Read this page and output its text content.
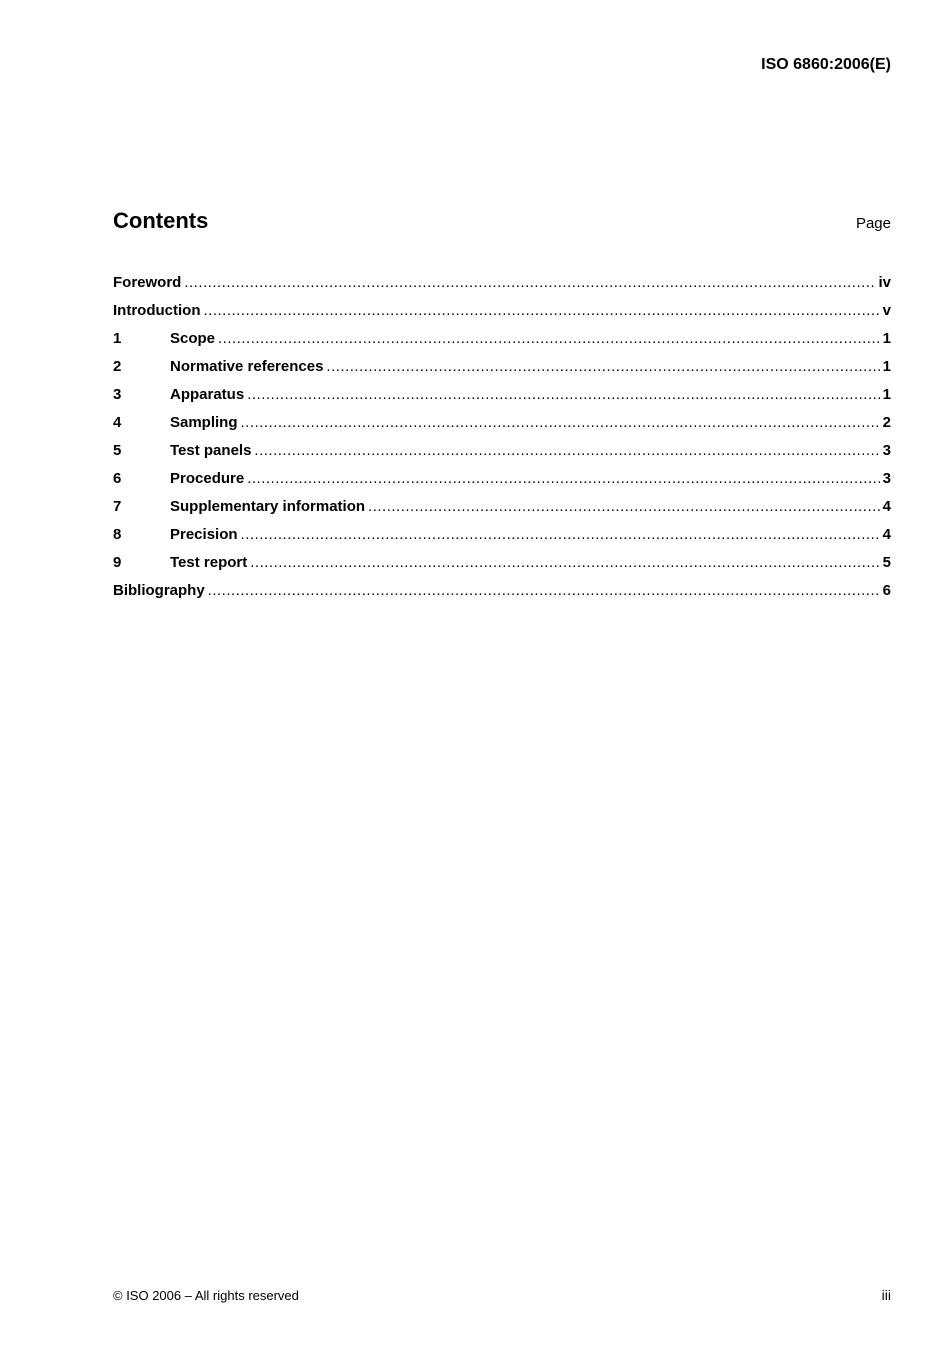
ISO 6860:2006(E)
Contents	Page
Foreword .....	iv
Introduction .....	v
1	Scope .....	1
2	Normative references .....	1
3	Apparatus .....	1
4	Sampling .....	2
5	Test panels .....	3
6	Procedure .....	3
7	Supplementary information .....	4
8	Precision .....	4
9	Test report .....	5
Bibliography .....	6
© ISO 2006 – All rights reserved	iii
